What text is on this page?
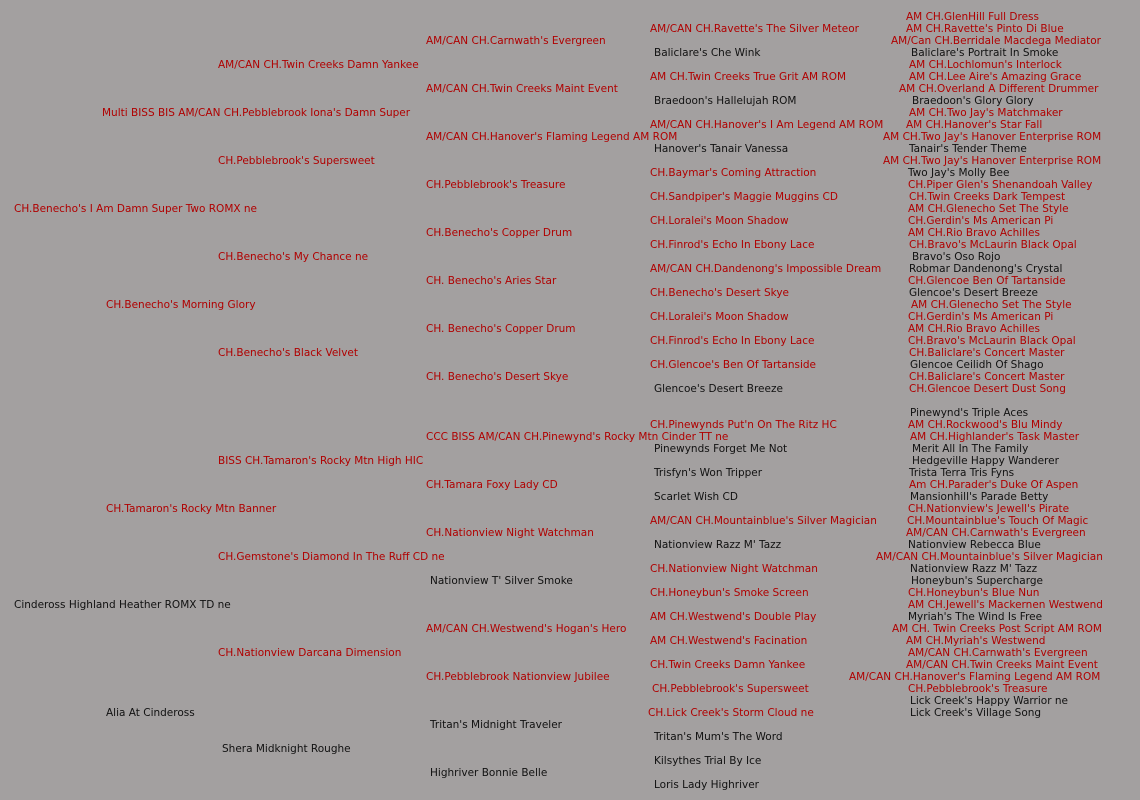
CH.Benecho's I Am Damn Super Two ROMX ne
Cindeross Highland Heather ROMX TD ne
Multi BISS BIS AM/CAN CH.Pebblebrook Iona's Damn Super
CH.Benecho's Morning Glory
CH.Tamaron's Rocky Mtn Banner
Alia At Cindeross
AM/CAN CH.Twin Creeks Damn Yankee
CH.Pebblebrook's Supersweet
CH.Benecho's My Chance ne
CH.Benecho's Black Velvet
BISS CH.Tamaron's Rocky Mtn High HIC
CH.Gemstone's Diamond In The Ruff CD ne
CH.Nationview Darcana Dimension
Shera Midknight Roughe
AM/CAN CH.Carnwath's Evergreen
AM/CAN CH.Twin Creeks Maint Event
AM/CAN CH.Hanover's Flaming Legend AM ROM
CH.Pebblebrook's Treasure
CH.Benecho's Copper Drum
CH. Benecho's Aries Star
CH. Benecho's Copper Drum
CH. Benecho's Desert Skye
CCC BISS AM/CAN CH.Pinewynd's Rocky Mtn Cinder TT ne
CH.Tamara Foxy Lady CD
CH.Nationview Night Watchman
Nationview T' Silver Smoke
AM/CAN CH.Westwend's Hogan's Hero
CH.Pebblebrook Nationview Jubilee
Tritan's Midnight Traveler
Highriver Bonnie Belle
AM/CAN CH.Ravette's The Silver Meteor
Baliclare's Che Wink
AM CH.Twin Creeks True Grit AM ROM
Braedoon's Hallelujah ROM
AM/CAN CH.Hanover's I Am Legend AM ROM
Hanover's Tanair Vanessa
CH.Baymar's Coming Attraction
CH.Sandpiper's Maggie Muggins CD
CH.Loralei's Moon Shadow
CH.Finrod's Echo In Ebony Lace
AM/CAN CH.Dandenong's Impossible Dream
CH.Benecho's Desert Skye
CH.Loralei's Moon Shadow
CH.Finrod's Echo In Ebony Lace
CH.Glencoe's Ben Of Tartanside
Glencoe's Desert Breeze
CH.Pinewynds Put'n On The Ritz HC
Pinewynds Forget Me Not
Trisfyn's Won Tripper
Scarlet Wish CD
AM/CAN CH.Mountainblue's Silver Magician
Nationview Razz M' Tazz
CH.Nationview Night Watchman
CH.Honeybun's Smoke Screen
AM CH.Westwend's Double Play
AM CH.Westwend's Facination
CH.Twin Creeks Damn Yankee
CH.Pebblebrook's Supersweet
CH.Lick Creek's Storm Cloud ne
Tritan's Mum's The Word
Kilsythes Trial By Ice
Loris Lady Highriver
AM CH.GlenHill Full Dress
AM CH.Ravette's Pinto Di Blue
AM/Can CH.Berridale Macdega Mediator
Baliclare's Portrait In Smoke
AM CH.Lochlomun's Interlock
AM CH.Lee Aire's Amazing Grace
AM CH.Overland A Different Drummer
Braedoon's Glory Glory
AM CH.Two Jay's Matchmaker
AM CH.Hanover's Star Fall
AM CH.Two Jay's Hanover Enterprise ROM
Tanair's Tender Theme
AM CH.Two Jay's Hanover Enterprise ROM
Two Jay's Molly Bee
CH.Piper Glen's Shenandoah Valley
CH.Twin Creeks Dark Tempest
AM CH.Glenecho Set The Style
CH.Gerdin's Ms American Pi
AM CH.Rio Bravo Achilles
CH.Bravo's McLaurin Black Opal
Bravo's Oso Rojo
Robmar Dandenong's Crystal
CH.Glencoe Ben Of Tartanside
Glencoe's Desert Breeze
AM CH.Glenecho Set The Style
CH.Gerdin's Ms American Pi
AM CH.Rio Bravo Achilles
CH.Bravo's McLaurin Black Opal
CH.Baliclare's Concert Master
Glencoe Ceilidh Of Shago
CH.Baliclare's Concert Master
CH.Glencoe Desert Dust Song
Pinewynd's Triple Aces
AM CH.Rockwood's Blu Mindy
AM CH.Highlander's Task Master
Merit All In The Family
Hedgeville Happy Wanderer
Trista Terra Tris Fyns
Am CH.Parader's Duke Of Aspen
Mansionhill's Parade Betty
CH.Nationview's Jewell's Pirate
CH.Mountainblue's Touch Of Magic
AM/CAN CH.Carnwath's Evergreen
Nationview Rebecca Blue
AM/CAN CH.Mountainblue's Silver Magician
Nationview Razz M' Tazz
Honeybun's Supercharge
CH.Honeybun's Blue Nun
AM CH.Jewell's Mackernen Westwend
Myriah's The Wind Is Free
AM CH. Twin Creeks Post Script AM ROM
AM CH.Myriah's Westwend
AM/CAN CH.Carnwath's Evergreen
AM/CAN CH.Twin Creeks Maint Event
AM/CAN CH.Hanover's Flaming Legend AM ROM
CH.Pebblebrook's Treasure
Lick Creek's Happy Warrior ne
Lick Creek's Village Song
